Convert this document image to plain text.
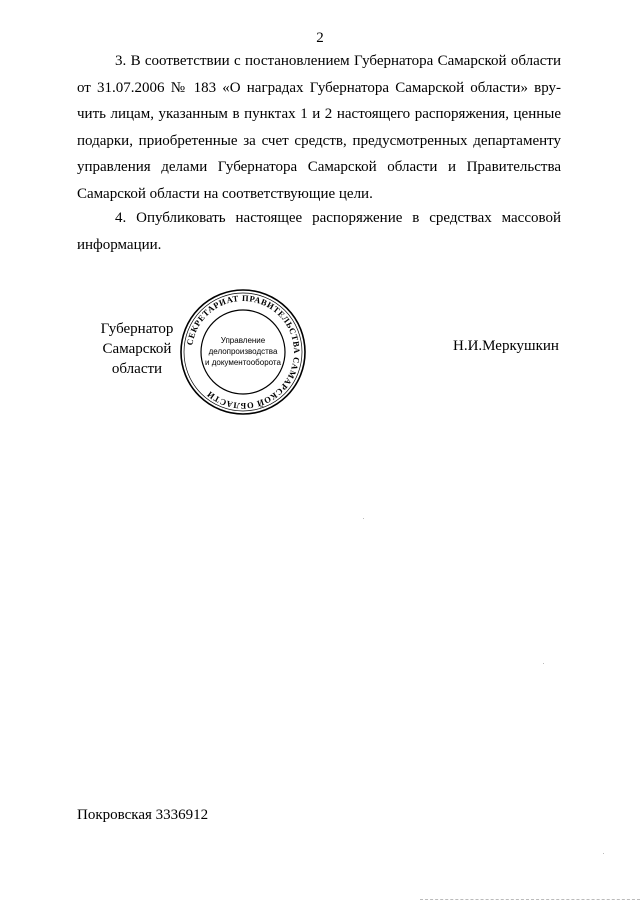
2
3. В соответствии с постановлением Губернатора Самарской области
от 31.07.2006 № 183 «О наградах Губернатора Самарской области» вру-
чить лицам, указанным в пунктах 1 и 2 настоящего распоряжения, ценные
подарки, приобретенные за счет средств, предусмотренных департаменту
управления делами Губернатора Самарской области и Правительства
Самарской области на соответствующие цели.
4. Опубликовать настоящее распоряжение в средствах массовой
информации.
Губернатор
Самарской области
СЕКРЕТАРИАТ ПРАВИТЕЛЬСТВА САМАРСКОЙ ОБЛАСТИ
Управление
делопроизводства
и документооборота
Н.И.Меркушкин
Покровская 3336912
